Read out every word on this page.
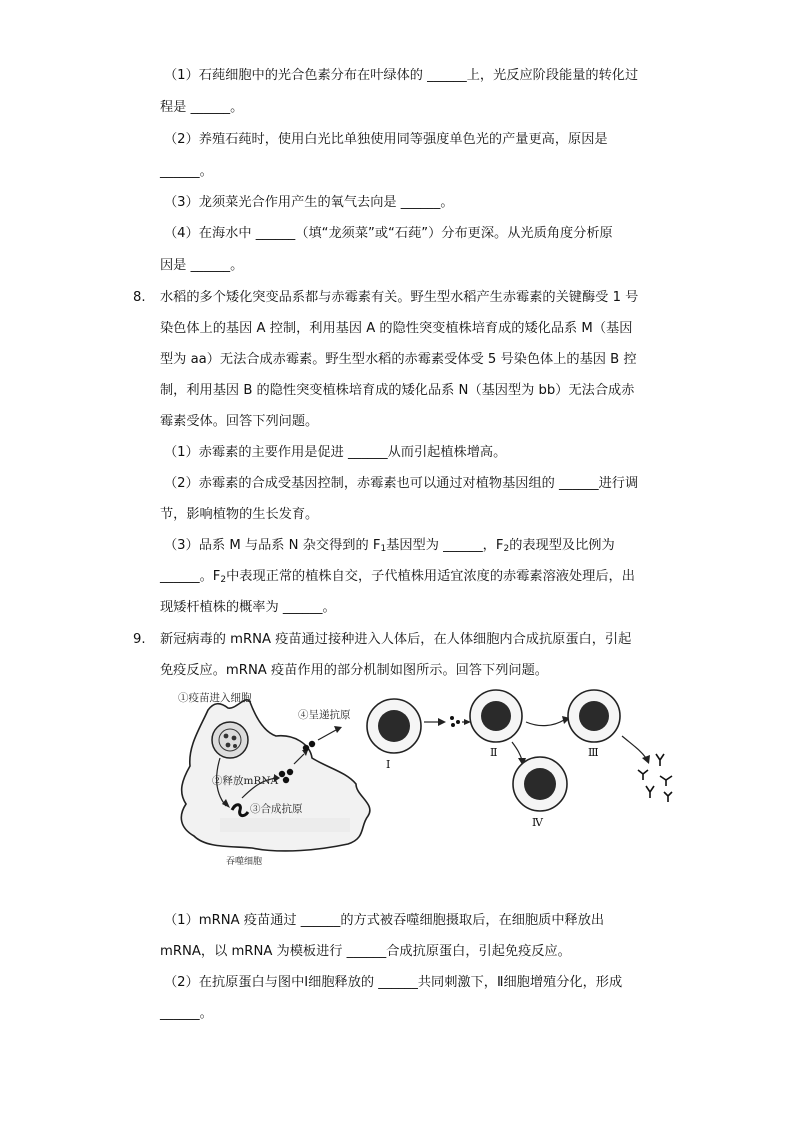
（1）石莼细胞中的光合色素分布在叶绿体的 ______上，光反应阶段能量的转化过
程是 ______。
（2）养殖石莼时，使用白光比单独使用同等强度单色光的产量更高，原因是
______。
（3）龙须菜光合作用产生的氧气去向是 ______。
（4）在海水中 ______（填“龙须菜”或“石莼”）分布更深。从光质角度分析原
因是 ______。
8. 水稻的多个矮化突变品系都与赤霉素有关。野生型水稻产生赤霉素的关键酶受 1 号
染色体上的基因 A 控制，利用基因 A 的隐性突变植株培育成的矮化品系 M（基因
型为 aa）无法合成赤霉素。野生型水稻的赤霉素受体受 5 号染色体上的基因 B 控
制，利用基因 B 的隐性突变植株培育成的矮化品系 N（基因型为 bb）无法合成赤
霉素受体。回答下列问题。
（1）赤霉素的主要作用是促进 ______从而引起植株增高。
（2）赤霉素的合成受基因控制，赤霉素也可以通过对植物基因组的 ______进行调
节，影响植物的生长发育。
（3）品系 M 与品系 N 杂交得到的 $F_1$基因型为 ______，$F_2$的表现型及比例为
______。$F_2$中表现正常的植株自交，子代植株用适宜浓度的赤霉素溶液处理后，出
现矮杆植株的概率为 ______。
9. 新冠病毒的 mRNA 疫苗通过接种进入人体后，在人体细胞内合成抗原蛋白，引起
免疫反应。mRNA 疫苗作用的部分机制如图所示。回答下列问题。
①疫苗进入细胞
②释放mRNA
③合成抗原
④呈递抗原
吞噬细胞
Ⅰ
Ⅱ	Ⅲ
Ⅳ
（1）mRNA 疫苗通过 ______的方式被吞噬细胞摄取后，在细胞质中释放出
mRNA，以 mRNA 为模板进行 ______合成抗原蛋白，引起免疫反应。
（2）在抗原蛋白与图中Ⅰ细胞释放的 ______共同刺激下，Ⅱ细胞增殖分化，形成
______。
